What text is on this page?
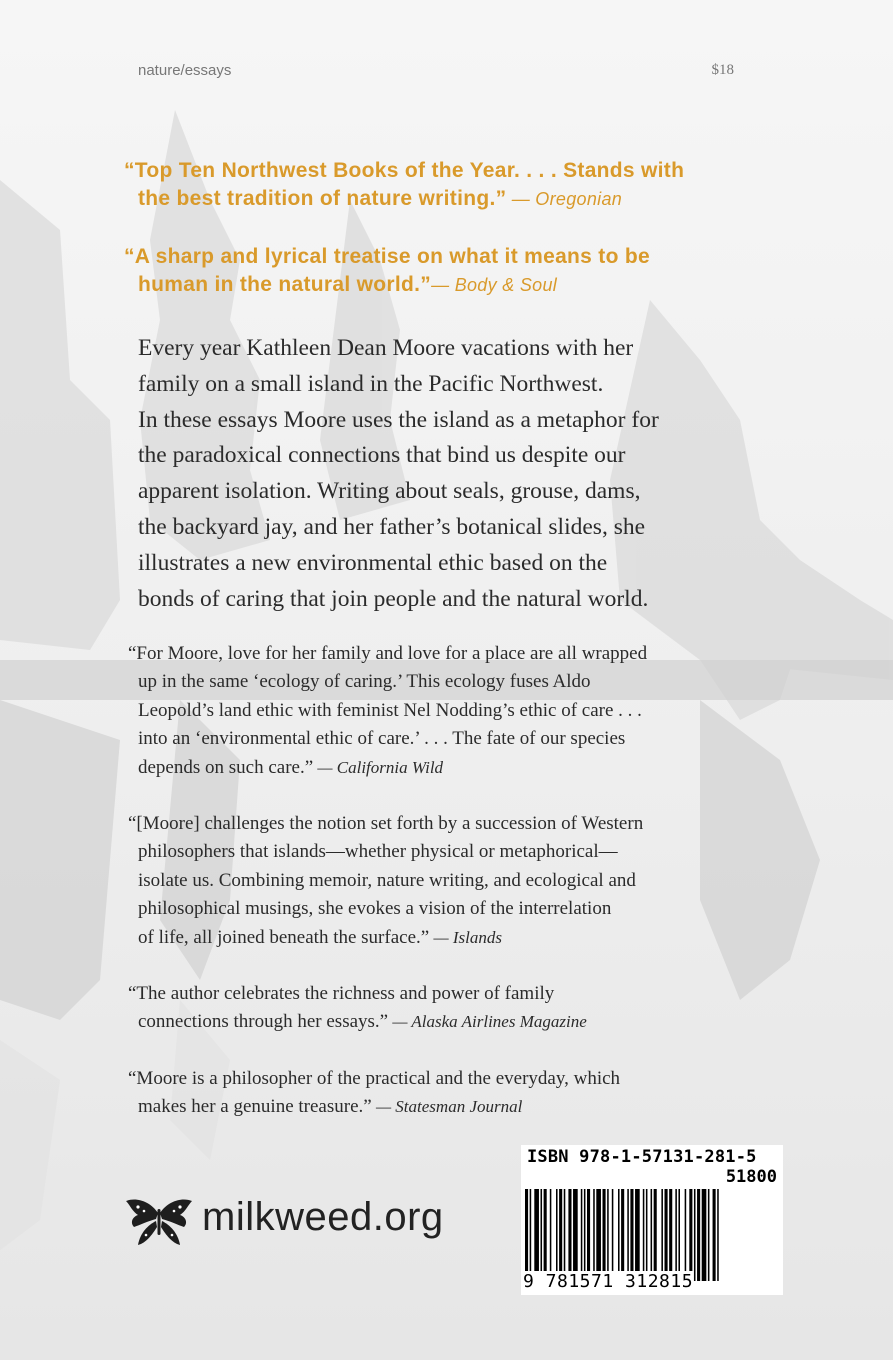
nature/essays	$18
“Top Ten Northwest Books of the Year. . . . Stands with
the best tradition of nature writing.” — Oregonian
“A sharp and lyrical treatise on what it means to be
human in the natural world.”— Body & Soul
Every year Kathleen Dean Moore vacations with her
family on a small island in the Pacific Northwest.
In these essays Moore uses the island as a metaphor for
the paradoxical connections that bind us despite our
apparent isolation. Writing about seals, grouse, dams,
the backyard jay, and her father’s botanical slides, she
illustrates a new environmental ethic based on the
bonds of caring that join people and the natural world.
“For Moore, love for her family and love for a place are all wrapped
up in the same ‘ecology of caring.’ This ecology fuses Aldo
Leopold’s land ethic with feminist Nel Nodding’s ethic of care . . .
into an ‘environmental ethic of care.’ . . . The fate of our species
depends on such care.” — California Wild
“[Moore] challenges the notion set forth by a succession of Western
philosophers that islands—whether physical or metaphorical—
isolate us. Combining memoir, nature writing, and ecological and
philosophical musings, she evokes a vision of the interrelation
of life, all joined beneath the surface.” — Islands
“The author celebrates the richness and power of family
connections through her essays.” — Alaska Airlines Magazine
“Moore is a philosopher of the practical and the everyday, which
makes her a genuine treasure.” — Statesman Journal
milkweed.org
ISBN 978-1-57131-281-5
51800
9 781571 312815
